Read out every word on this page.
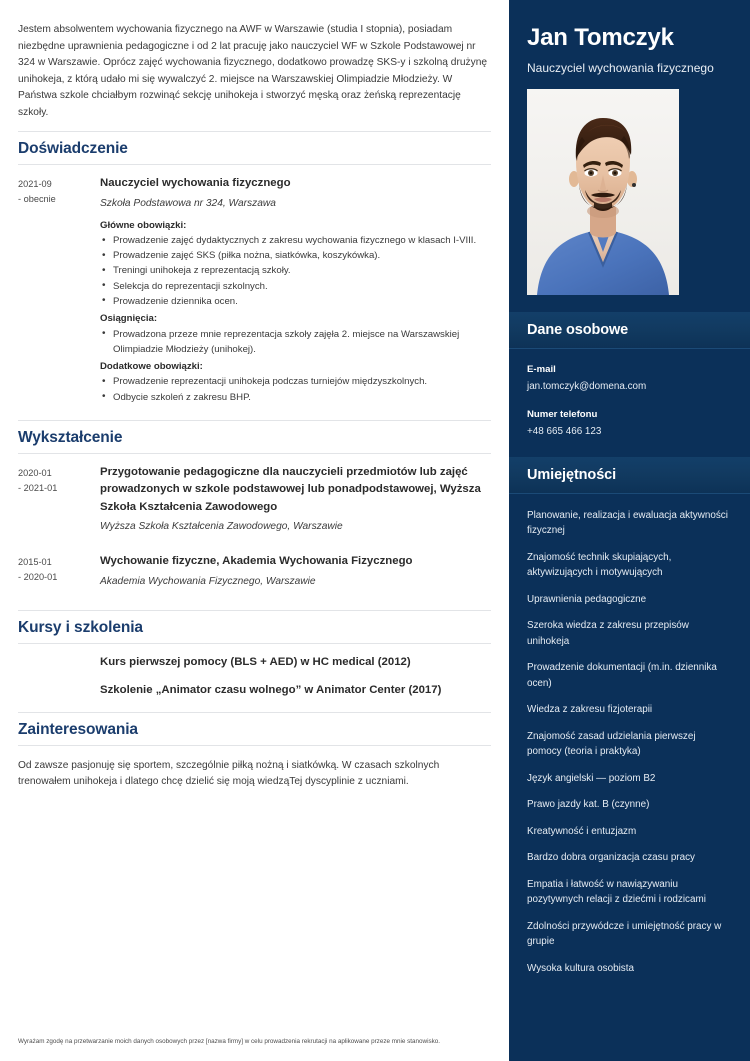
Jestem absolwentem wychowania fizycznego na AWF w Warszawie (studia I stopnia), posiadam niezbędne uprawnienia pedagogiczne i od 2 lat pracuję jako nauczyciel WF w Szkole Podstawowej nr 324 w Warszawie. Oprócz zajęć wychowania fizycznego, dodatkowo prowadzę SKS-y i szkolną drużynę unihokeja, z którą udało mi się wywalczyć 2. miejsce na Warszawskiej Olimpiadzie Młodzieży. W Państwa szkole chciałbym rozwinąć sekcję unihokeja i stworzyć męską oraz żeńską reprezentację szkoły.

Doświadczenie
2021-09
- obecnie
Nauczyciel wychowania fizycznego
Szkoła Podstawowa nr 324, Warszawa
Główne obowiązki:
• Prowadzenie zajęć dydaktycznych z zakresu wychowania fizycznego w klasach I-VIII.
• Prowadzenie zajęć SKS (piłka nożna, siatkówka, koszykówka).
• Treningi unihokeja z reprezentacją szkoły.
• Selekcja do reprezentacji szkolnych.
• Prowadzenie dziennika ocen.
Osiągnięcia:
• Prowadzona przeze mnie reprezentacja szkoły zajęła 2. miejsce na Warszawskiej Olimpiadzie Młodzieży (unihokej).
Dodatkowe obowiązki:
• Prowadzenie reprezentacji unihokeja podczas turniejów międzyszkolnych.
• Odbycie szkoleń z zakresu BHP.
Wykształcenie
2020-01
- 2021-01
Przygotowanie pedagogiczne dla nauczycieli przedmiotów lub zajęć prowadzonych w szkole podstawowej lub ponadpodstawowej, Wyższa Szkoła Kształcenia Zawodowego
Wyższa Szkoła Kształcenia Zawodowego, Warszawie
2015-01
- 2020-01
Wychowanie fizyczne, Akademia Wychowania Fizycznego
Akademia Wychowania Fizycznego, Warszawie
Kursy i szkolenia
Kurs pierwszej pomocy (BLS + AED) w HC medical (2012)
Szkolenie „Animator czasu wolnego” w Animator Center (2017)
Zainteresowania

Od zawsze pasjonuję się sportem, szczególnie piłką nożną i siatkówką. W czasach szkolnych trenowałem unihokeja i dlatego chcę dzielić się moją wiedząTej dyscyplinie z uczniami.

Wyrażam zgodę na przetwarzanie moich danych osobowych przez [nazwa firmy] w celu prowadzenia rekrutacji na aplikowane przeze mnie stanowisko.

Jan Tomczyk
Nauczyciel wychowania fizycznego
Dane osobowe
E-mail
jan.tomczyk@domena.com
Numer telefonu
+48 665 466 123
Umiejętności
Planowanie, realizacja i ewaluacja aktywności fizycznej
Znajomość technik skupiających, aktywizujących i motywujących
Uprawnienia pedagogiczne
Szeroka wiedza z zakresu przepisów unihokeja
Prowadzenie dokumentacji (m.in. dziennika ocen)
Wiedza z zakresu fizjoterapii
Znajomość zasad udzielania pierwszej pomocy (teoria i praktyka)
Język angielski — poziom B2
Prawo jazdy kat. B (czynne)
Kreatywność i entuzjazm
Bardzo dobra organizacja czasu pracy
Empatia i łatwość w nawiązywaniu pozytywnych relacji z dziećmi i rodzicami
Zdolności przywódcze i umiejętność pracy w grupie
Wysoka kultura osobista
